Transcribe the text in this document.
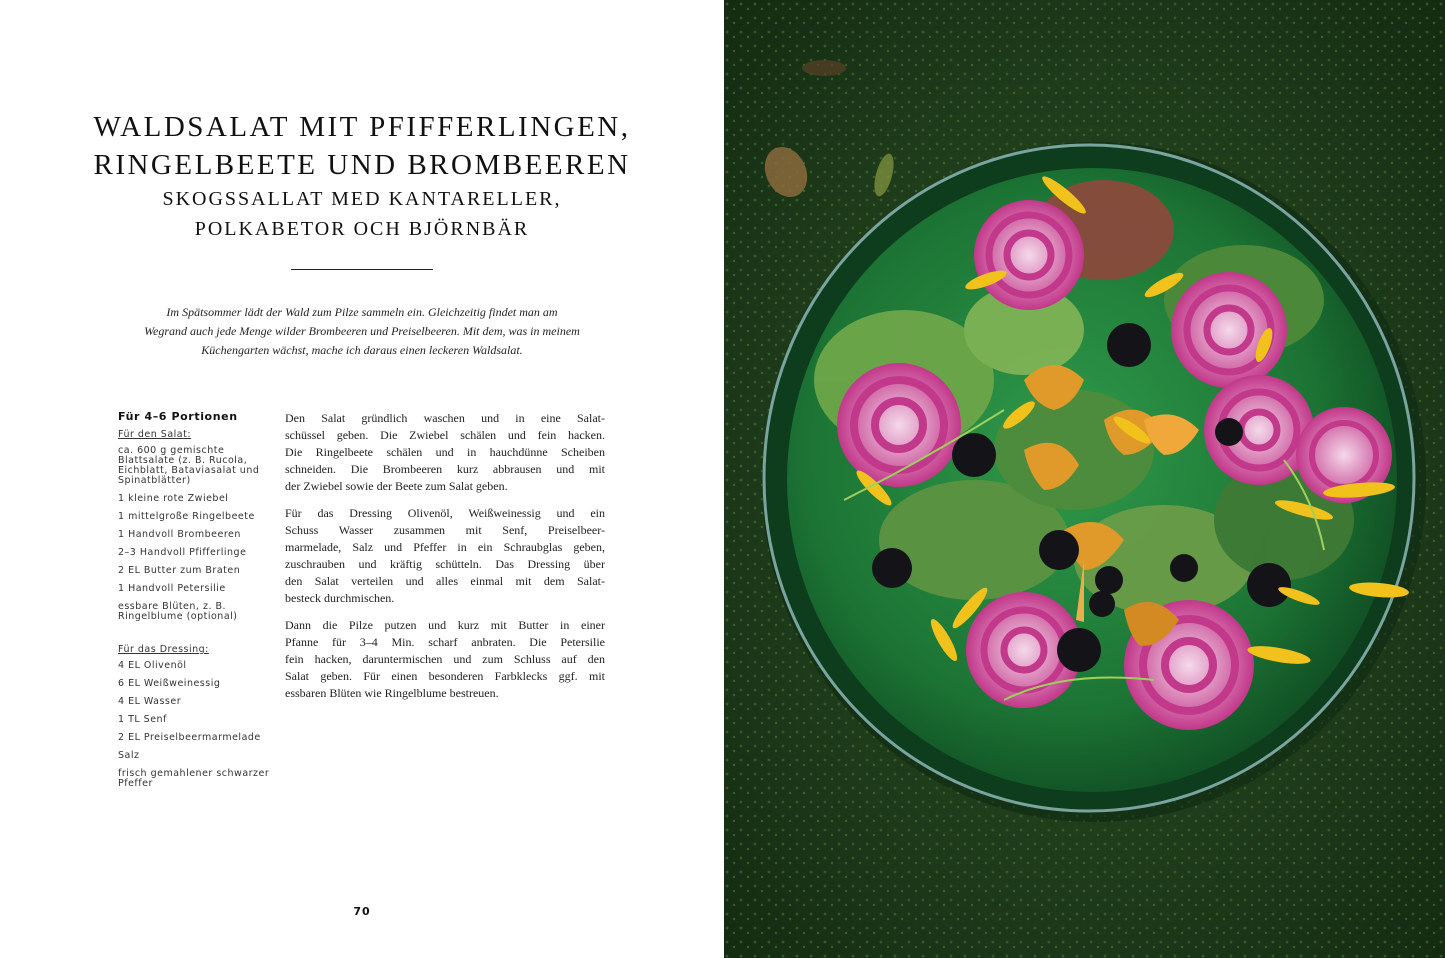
WALDSALAT MIT PFIFFERLINGEN,
RINGELBEETE UND BROMBEEREN
SKOGSSALLAT MED KANTARELLER,
POLKABETOR OCH BJÖRNBÄR
Im Spätsommer lädt der Wald zum Pilze sammeln ein. Gleichzeitig findet man am
Wegrand auch jede Menge wilder Brombeeren und Preiselbeeren. Mit dem, was in meinem
Küchengarten wächst, mache ich daraus einen leckeren Waldsalat.
Für 4–6 Portionen
Für den Salat:
ca. 600 g gemischte Blattsalate (z. B. Rucola, Eichblatt, Bataviasalat und Spinatblätter)
1 kleine rote Zwiebel
1 mittelgroße Ringelbeete
1 Handvoll Brombeeren
2–3 Handvoll Pfifferlinge
2 EL Butter zum Braten
1 Handvoll Petersilie
essbare Blüten, z. B. Ringelblume (optional)
Für das Dressing:
4 EL Olivenöl
6 EL Weißweinessig
4 EL Wasser
1 TL Senf
2 EL Preiselbeermarmelade
Salz
frisch gemahlener schwarzer Pfeffer

Den Salat gründlich waschen und in eine Salat-
schüssel geben. Die Zwiebel schälen und fein hacken.
Die Ringelbeete schälen und in hauchdünne Scheiben
schneiden. Die Brombeeren kurz abbrausen und mit
der Zwiebel sowie der Beete zum Salat geben.

Für das Dressing Olivenöl, Weißweinessig und ein
Schuss Wasser zusammen mit Senf, Preiselbeer-
marmelade, Salz und Pfeffer in ein Schraubglas geben,
zuschrauben und kräftig schütteln. Das Dressing über
den Salat verteilen und alles einmal mit dem Salat-
besteck durchmischen.

Dann die Pilze putzen und kurz mit Butter in einer
Pfanne für 3–4 Min. scharf anbraten. Die Petersilie
fein hacken, daruntermischen und zum Schluss auf den
Salat geben. Für einen besonderen Farbklecks ggf. mit
essbaren Blüten wie Ringelblume bestreuen.

70
